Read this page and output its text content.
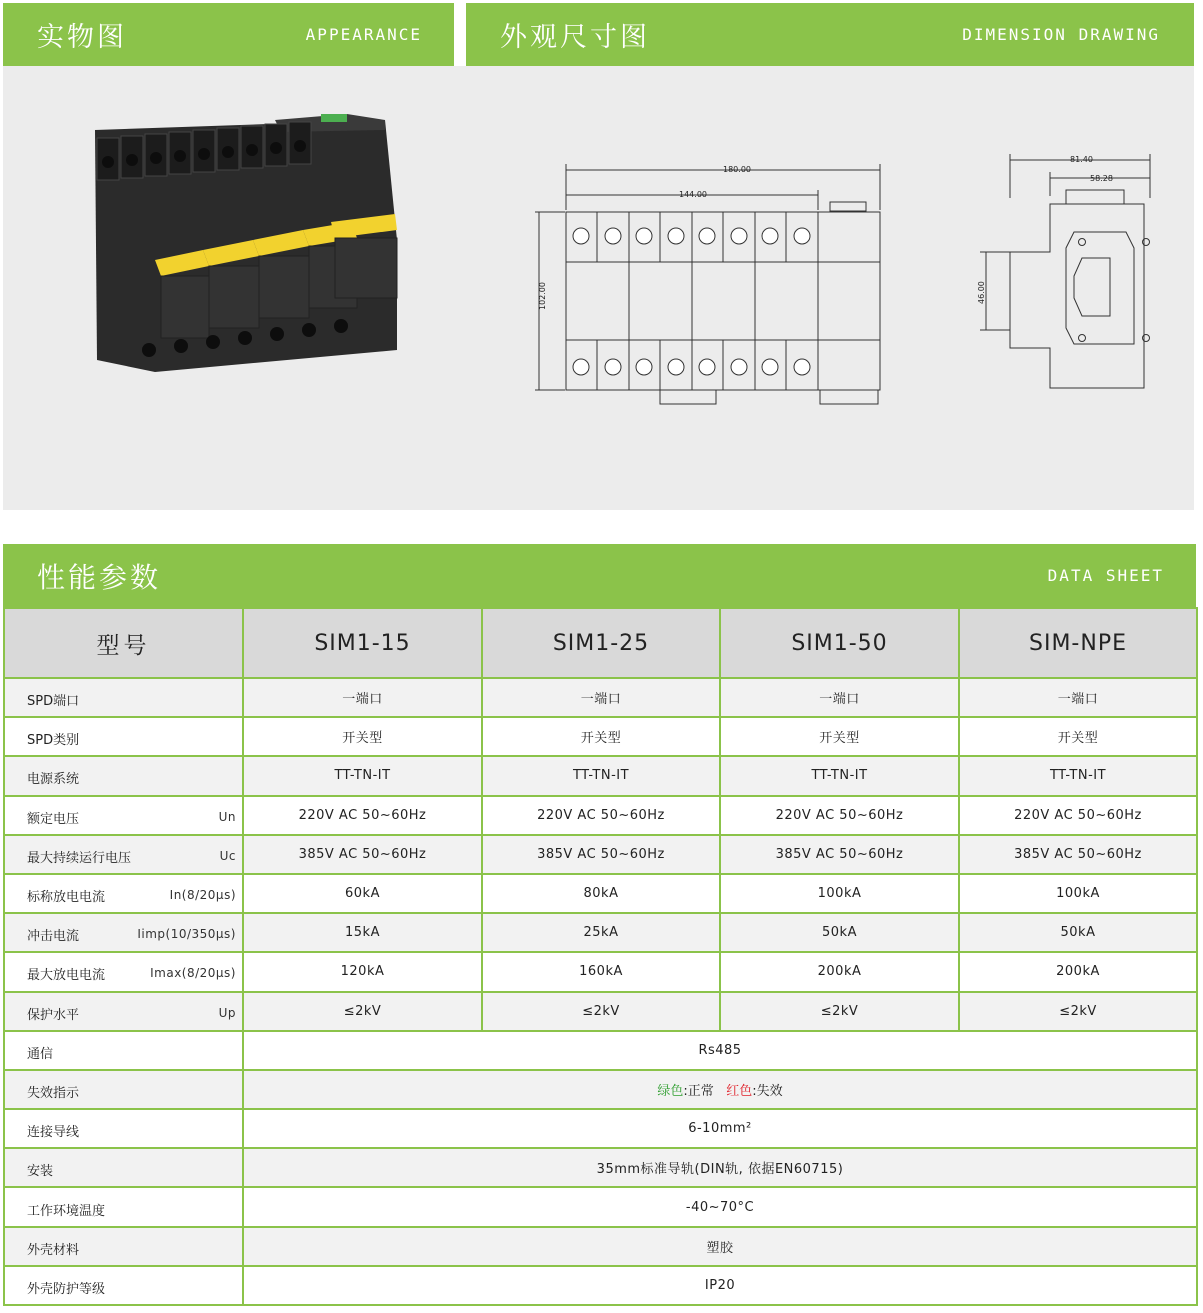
实物图	APPEARANCE	外观尺寸图	DIMENSION DRAWING
180.00
144.00
102.00
81.40
58.28
46.00
性能参数	DATA SHEET
型号	SIM1-15	SIM1-25	SIM1-50	SIM-NPE

SPD端口	一端口	一端口	一端口	一端口

SPD类别	开关型	开关型	开关型	开关型

电源系统	TT-TN-IT	TT-TN-IT	TT-TN-IT	TT-TN-IT

额定电压 Un	220V AC 50~60Hz	220V AC 50~60Hz	220V AC 50~60Hz	220V AC 50~60Hz

最大持续运行电压 Uc	385V AC 50~60Hz	385V AC 50~60Hz	385V AC 50~60Hz	385V AC 50~60Hz

标称放电电流 In(8/20μs)	60kA	80kA	100kA	100kA

冲击电流 Iimp(10/350μs)	15kA	25kA	50kA	50kA

最大放电电流 Imax(8/20μs)	120kA	160kA	200kA	200kA

保护水平 Up	≤2kV	≤2kV	≤2kV	≤2kV

通信	Rs485			

失效指示	绿色:正常 红色:失效			

连接导线	6-10mm²			

安装	35mm标准导轨(DIN轨, 依据EN60715)			

工作环境温度	-40~70°C			

外壳材料	塑胶			

外壳防护等级	IP20			
